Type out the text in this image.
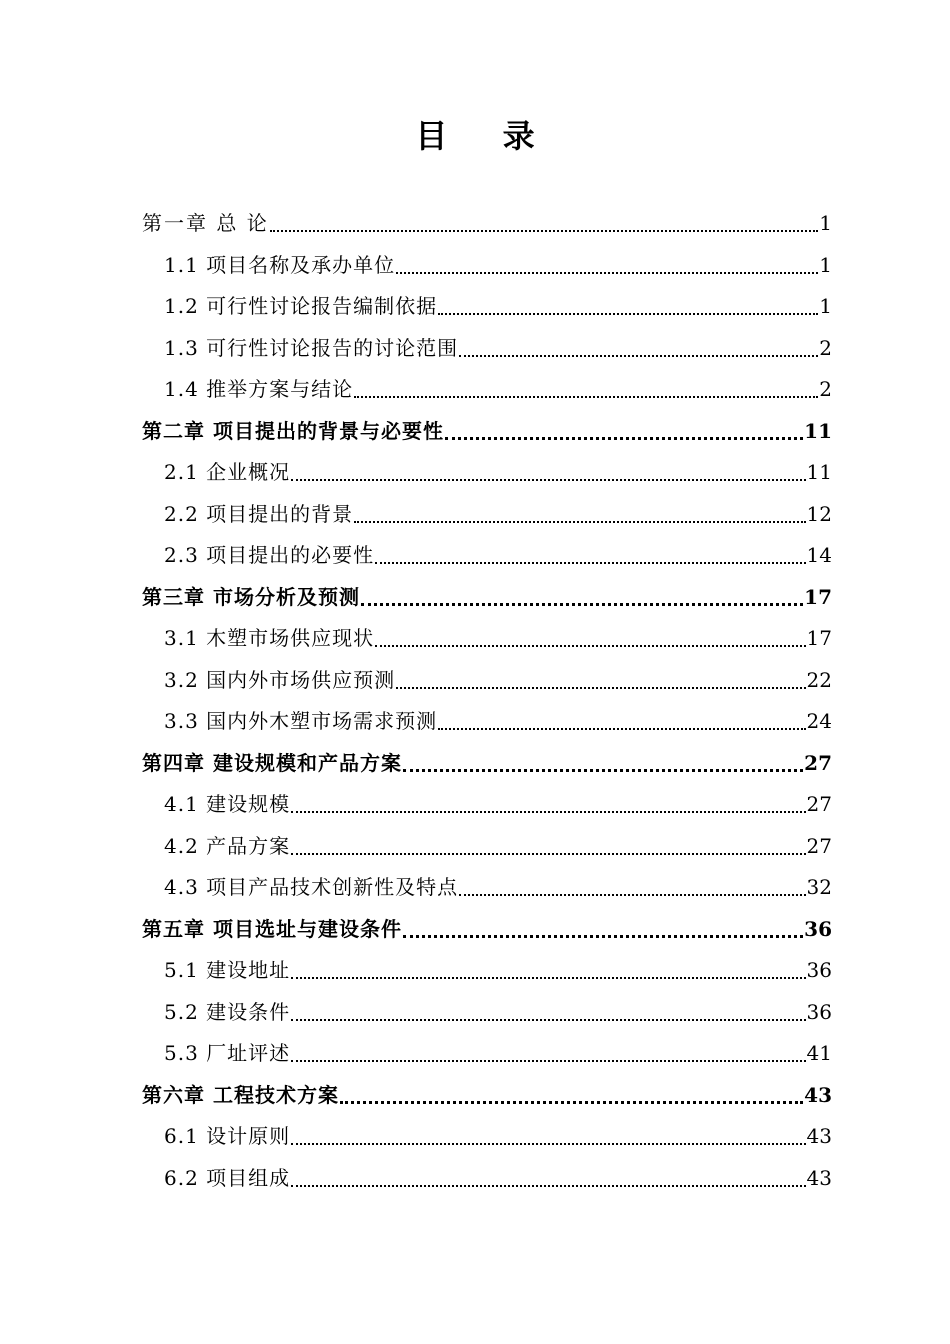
目 录
第一章 总 论	1
1.1 项目名称及承办单位	1
1.2 可行性讨论报告编制依据	1
1.3 可行性讨论报告的讨论范围	2
1.4 推举方案与结论	2
第二章 项目提出的背景与必要性	11
2.1 企业概况	11
2.2 项目提出的背景	12
2.3 项目提出的必要性	14
第三章 市场分析及预测	17
3.1 木塑市场供应现状	17
3.2 国内外市场供应预测	22
3.3 国内外木塑市场需求预测	24
第四章 建设规模和产品方案	27
4.1 建设规模	27
4.2 产品方案	27
4.3 项目产品技术创新性及特点	32
第五章 项目选址与建设条件	36
5.1 建设地址	36
5.2 建设条件	36
5.3 厂址评述	41
第六章 工程技术方案	43
6.1 设计原则	43
6.2 项目组成	43
